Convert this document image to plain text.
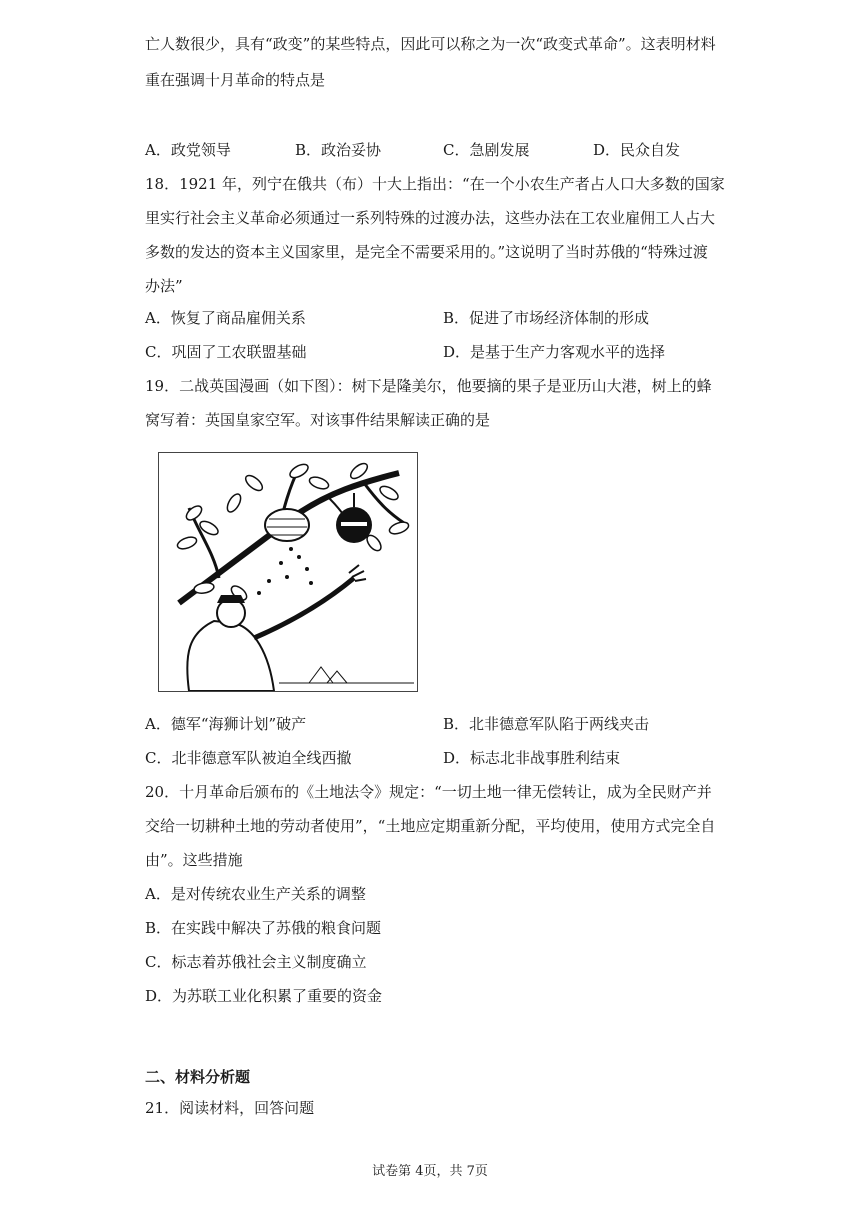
亡人数很少，具有“政变”的某些特点，因此可以称之为一次“政变式革命”。这表明材料
重在强调十月革命的特点是
A．政党领导	B．政治妥协	C．急剧发展	D．民众自发
18．1921 年，列宁在俄共（布）十大上指出：“在一个小农生产者占人口大多数的国家
里实行社会主义革命必须通过一系列特殊的过渡办法，这些办法在工农业雇佣工人占大
多数的发达的资本主义国家里，是完全不需要采用的。”这说明了当时苏俄的“特殊过渡
办法”
A．恢复了商品雇佣关系	B．促进了市场经济体制的形成
C．巩固了工农联盟基础	D．是基于生产力客观水平的选择
19．二战英国漫画（如下图）：树下是隆美尔，他要摘的果子是亚历山大港，树上的蜂
窝写着：英国皇家空军。对该事件结果解读正确的是
A．德军“海狮计划”破产	B．北非德意军队陷于两线夹击
C．北非德意军队被迫全线西撤	D．标志北非战事胜利结束
20．十月革命后颁布的《土地法令》规定：“一切土地一律无偿转让，成为全民财产并
交给一切耕种土地的劳动者使用”，“土地应定期重新分配，平均使用，使用方式完全自
由”。这些措施
A．是对传统农业生产关系的调整
B．在实践中解决了苏俄的粮食问题
C．标志着苏俄社会主义制度确立
D．为苏联工业化积累了重要的资金
二、材料分析题
21．阅读材料，回答问题
试卷第 4页，共 7页
